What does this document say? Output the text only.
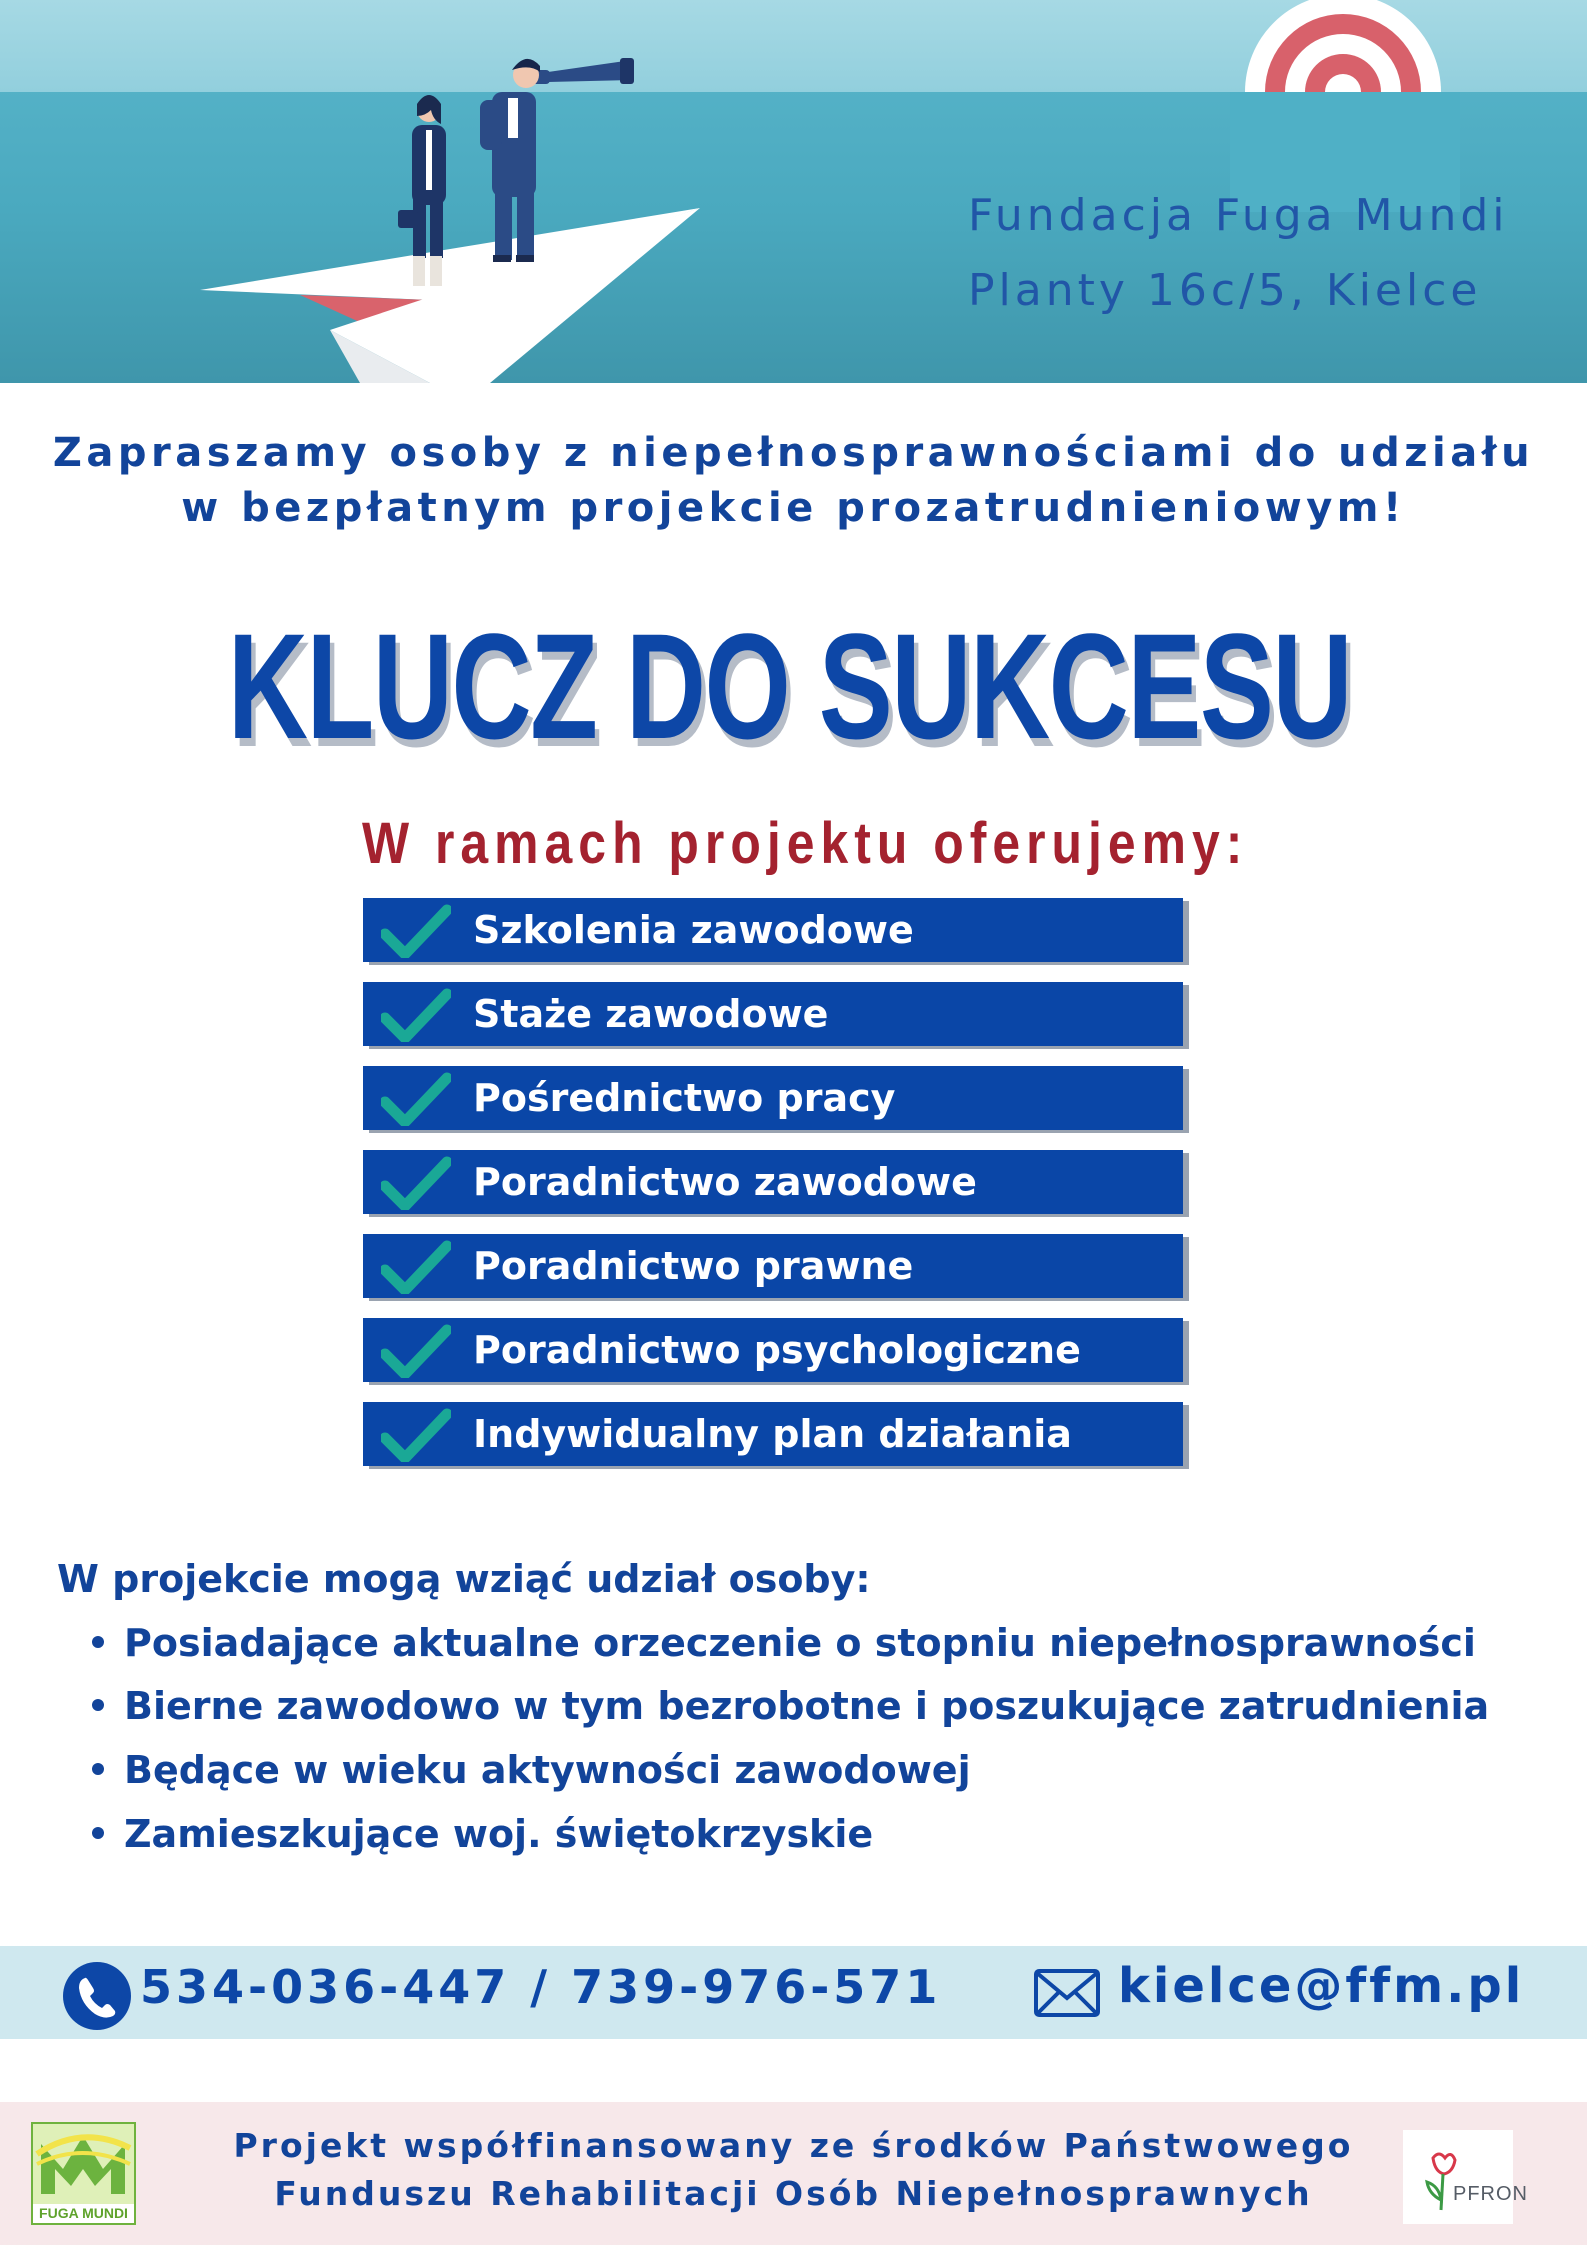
Fundacja Fuga Mundi
Planty 16c/5, Kielce
Zapraszamy osoby z niepełnosprawnościami do udziału
w bezpłatnym projekcie prozatrudnieniowym!
KLUCZ DO SUKCESU
W ramach projektu oferujemy:
Szkolenia zawodowe
Staże zawodowe
Pośrednictwo pracy
Poradnictwo zawodowe
Poradnictwo prawne
Poradnictwo psychologiczne
Indywidualny plan działania
W projekcie mogą wziąć udział osoby:
Posiadające aktualne orzeczenie o stopniu niepełnosprawności
Bierne zawodowo w tym bezrobotne i poszukujące zatrudnienia
Będące w wieku aktywności zawodowej
Zamieszkujące woj. świętokrzyskie
534-036-447 / 739-976-571	kielce@ffm.pl
FUGA MUNDI
Projekt współfinansowany ze środków Państwowego
Funduszu Rehabilitacji Osób Niepełnosprawnych	PFRON
